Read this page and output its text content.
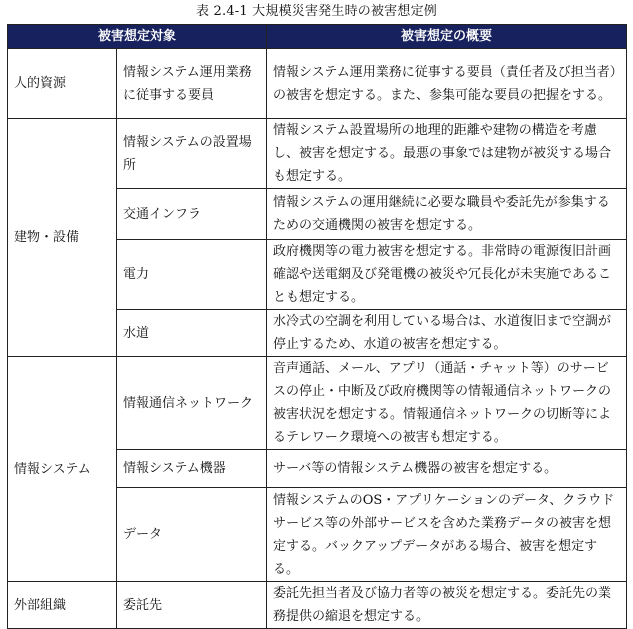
表 2.4-1 大規模災害発生時の被害想定例
被害想定対象		被害想定の概要
人的資源	情報システム運用業務に従事する要員	情報システム運用業務に従事する要員（責任者及び担当者）の被害を想定する。また、参集可能な要員の把握をする。
建物・設備	情報システムの設置場所	情報システム設置場所の地理的距離や建物の構造を考慮し、被害を想定する。最悪の事象では建物が被災する場合も想定する。
	交通インフラ	情報システムの運用継続に必要な職員や委託先が参集するための交通機関の被害を想定する。
	電力	政府機関等の電力被害を想定する。非常時の電源復旧計画確認や送電網及び発電機の被災や冗長化が未実施であることも想定する。
	水道	水冷式の空調を利用している場合は、水道復旧まで空調が停止するため、水道の被害を想定する。
情報システム	情報通信ネットワーク	音声通話、メール、アプリ（通話・チャット等）のサービスの停止・中断及び政府機関等の情報通信ネットワークの被害状況を想定する。情報通信ネットワークの切断等によるテレワーク環境への被害も想定する。
	情報システム機器	サーバ等の情報システム機器の被害を想定する。
	データ	情報システムのOS・アプリケーションのデータ、クラウドサービス等の外部サービスを含めた業務データの被害を想定する。バックアップデータがある場合、被害を想定する。
外部組織	委託先	委託先担当者及び協力者等の被災を想定する。委託先の業務提供の縮退を想定する。
